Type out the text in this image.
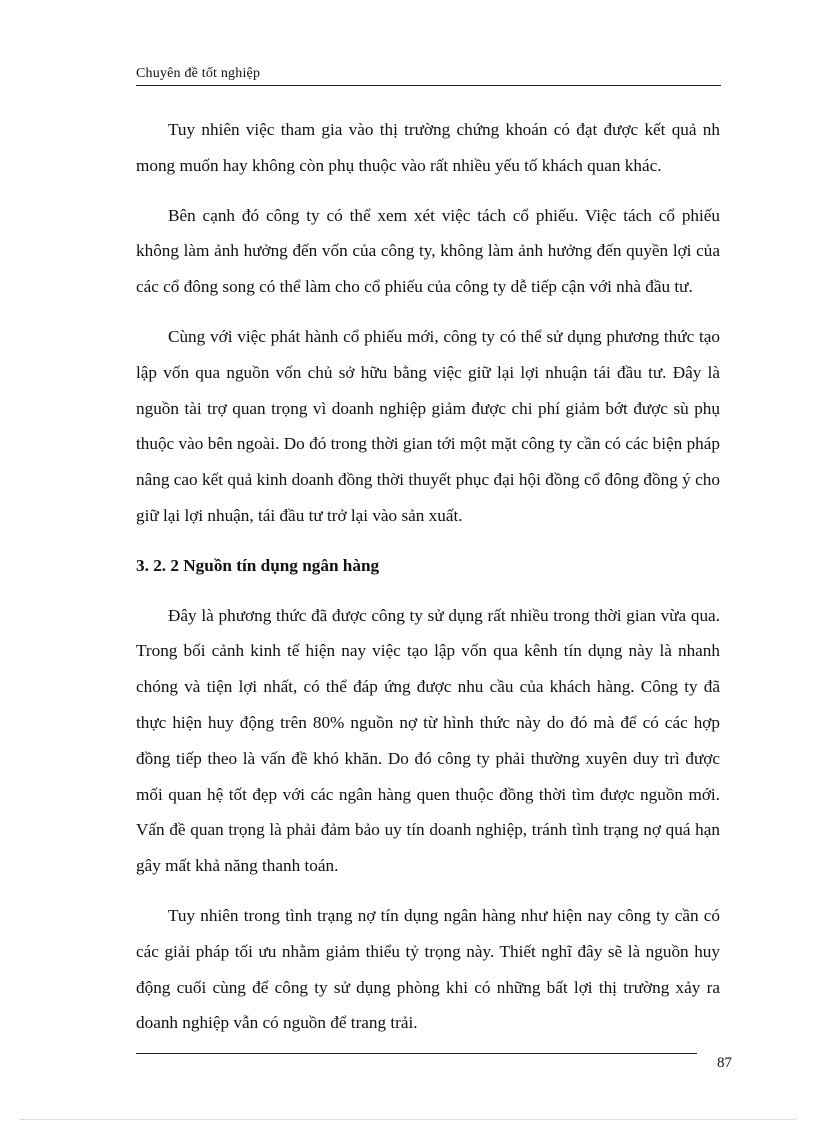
Chuyên đề tốt nghiệp

Tuy nhiên việc tham gia vào thị trường chứng khoán có đạt được kết quả nh mong muốn hay không còn phụ thuộc vào rất nhiều yếu tố khách quan khác.

Bên cạnh đó công ty có thể xem xét việc tách cổ phiếu. Việc tách cổ phiếu không làm ảnh hưởng đến vốn của công ty, không làm ảnh hưởng đến quyền lợi của các cổ đông song có thể làm cho cổ phiếu của công ty dễ tiếp cận với nhà đầu tư.

Cùng với việc phát hành cổ phiếu mới, công ty có thể sử dụng phương thức tạo lập vốn qua nguồn vốn chủ sở hữu bằng việc giữ lại lợi nhuận tái đầu tư. Đây là nguồn tài trợ quan trọng vì doanh nghiệp giảm được chi phí giảm bớt được sù phụ thuộc vào bên ngoài. Do đó trong thời gian tới một mặt công ty cần có các biện pháp nâng cao kết quả kinh doanh đồng thời thuyết phục đại hội đồng cổ đông đồng ý cho giữ lại lợi nhuận, tái đầu tư trở lại vào sản xuất.

3. 2. 2 Nguồn tín dụng ngân hàng

Đây là phương thức đã được công ty sử dụng rất nhiều trong thời gian vừa qua. Trong bối cảnh kinh tế hiện nay việc tạo lập vốn qua kênh tín dụng này là nhanh chóng và tiện lợi nhất, có thể đáp ứng được nhu cầu của khách hàng. Công ty đã thực hiện huy động trên 80% nguồn nợ từ hình thức này do đó mà để có các hợp đồng tiếp theo là vấn đề khó khăn. Do đó công ty phải thường xuyên duy trì được mối quan hệ tốt đẹp với các ngân hàng quen thuộc đồng thời tìm được nguồn mới. Vấn đề quan trọng là phải đảm bảo uy tín doanh nghiệp, tránh tình trạng nợ quá hạn gây mất khả năng thanh toán.

Tuy nhiên trong tình trạng nợ tín dụng ngân hàng như hiện nay công ty cần có các giải pháp tối ưu nhằm giảm thiểu tỷ trọng này. Thiết nghĩ đây sẽ là nguồn huy động cuối cùng để công ty sử dụng phòng khi có những bất lợi thị trường xảy ra doanh nghiệp vẫn có nguồn để trang trải.

87
